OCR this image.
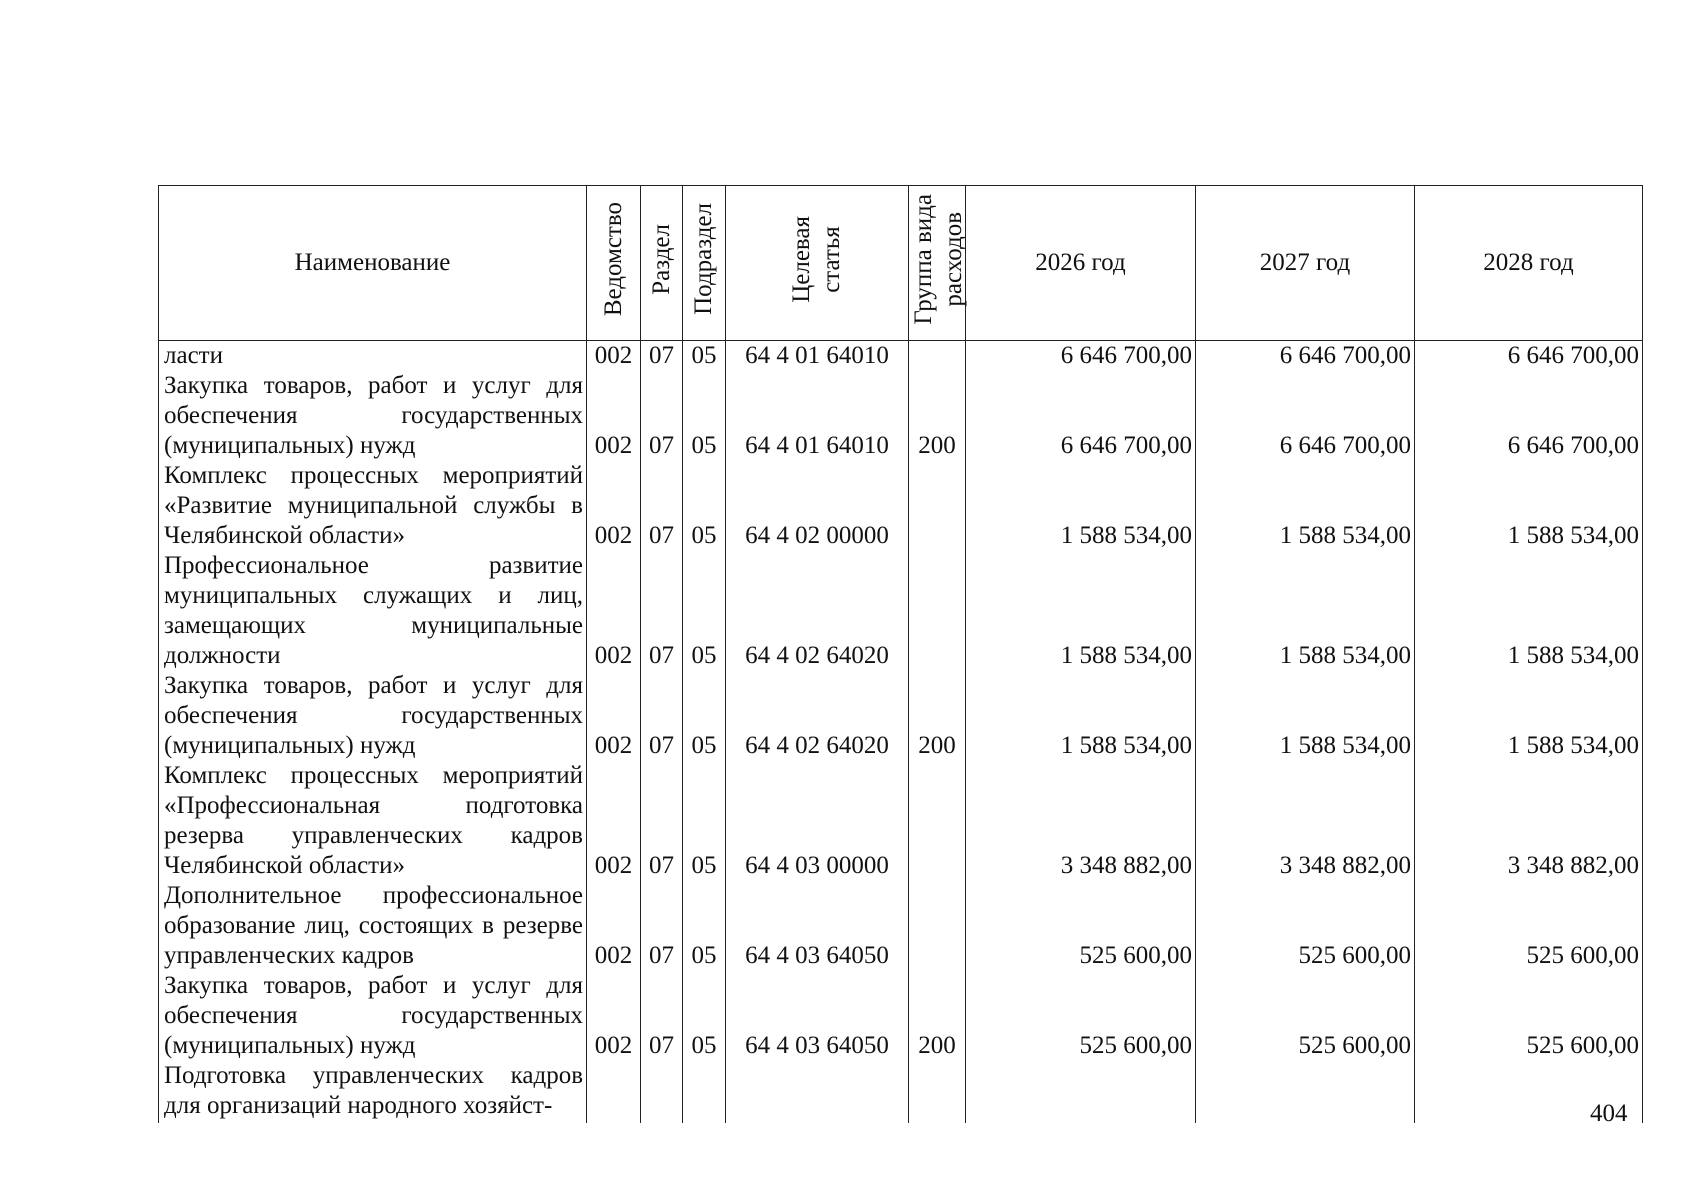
Наименование	Ведомство	Раздел	Подраздел	Целевая статья	Группа вида расходов	2026 год	2027 год	2028 год
ласти	002	07	05	64 4 01 64010		6 646 700,00	6 646 700,00	6 646 700,00
Закупка товаров, работ и услуг для обеспечения государственных (муниципальных) нужд	002	07	05	64 4 01 64010	200	6 646 700,00	6 646 700,00	6 646 700,00
Комплекс процессных мероприятий «Развитие муниципальной службы в Челябинской области»	002	07	05	64 4 02 00000		1 588 534,00	1 588 534,00	1 588 534,00
Профессиональное развитие муниципальных служащих и лиц, замещающих муниципальные должности	002	07	05	64 4 02 64020		1 588 534,00	1 588 534,00	1 588 534,00
Закупка товаров, работ и услуг для обеспечения государственных (муниципальных) нужд	002	07	05	64 4 02 64020	200	1 588 534,00	1 588 534,00	1 588 534,00
Комплекс процессных мероприятий «Профессиональная подготовка резерва управленческих кадров Челябинской области»	002	07	05	64 4 03 00000		3 348 882,00	3 348 882,00	3 348 882,00
Дополнительное профессиональное образование лиц, состоящих в резерве управленческих кадров	002	07	05	64 4 03 64050		525 600,00	525 600,00	525 600,00
Закупка товаров, работ и услуг для обеспечения государственных (муниципальных) нужд	002	07	05	64 4 03 64050	200	525 600,00	525 600,00	525 600,00
Подготовка управленческих кадров для организаций народного хозяйст-									404
